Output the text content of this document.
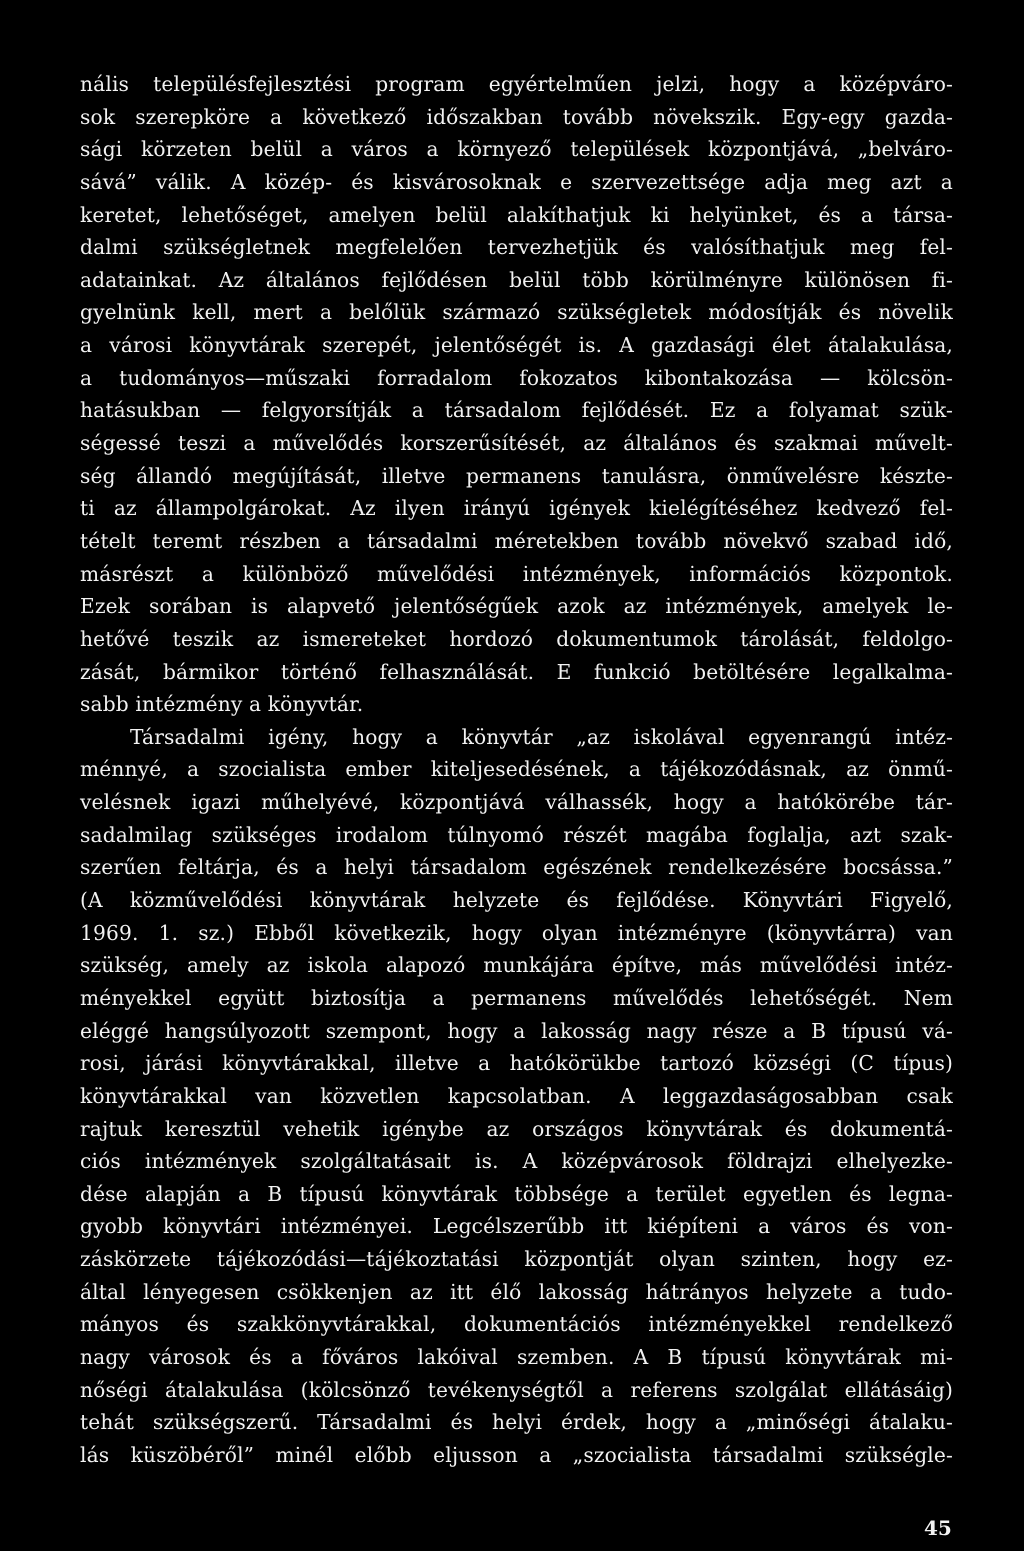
nális településfejlesztési program egyértelműen jelzi, hogy a középváro-
sok szerepköre a következő időszakban tovább növekszik. Egy-egy gazda-
sági körzeten belül a város a környező települések központjává, „belváro-
sává” válik. A közép- és kisvárosoknak e szervezettsége adja meg azt a
keretet, lehetőséget, amelyen belül alakíthatjuk ki helyünket, és a társa-
dalmi szükségletnek megfelelően tervezhetjük és valósíthatjuk meg fel-
adatainkat. Az általános fejlődésen belül több körülményre különösen fi-
gyelnünk kell, mert a belőlük származó szükségletek módosítják és növelik
a városi könyvtárak szerepét, jelentőségét is. A gazdasági élet átalakulása,
a tudományos—műszaki forradalom fokozatos kibontakozása — kölcsön-
hatásukban — felgyorsítják a társadalom fejlődését. Ez a folyamat szük-
ségessé teszi a művelődés korszerűsítését, az általános és szakmai művelt-
ség állandó megújítását, illetve permanens tanulásra, önművelésre készte-
ti az állampolgárokat. Az ilyen irányú igények kielégítéséhez kedvező fel-
tételt teremt részben a társadalmi méretekben tovább növekvő szabad idő,
másrészt a különböző művelődési intézmények, információs központok.
Ezek sorában is alapvető jelentőségűek azok az intézmények, amelyek le-
hetővé teszik az ismereteket hordozó dokumentumok tárolását, feldolgo-
zását, bármikor történő felhasználását. E funkció betöltésére legalkalma-
sabb intézmény a könyvtár.
Társadalmi igény, hogy a könyvtár „az iskolával egyenrangú intéz-
ménnyé, a szocialista ember kiteljesedésének, a tájékozódásnak, az önmű-
velésnek igazi műhelyévé, központjává válhassék, hogy a hatókörébe tár-
sadalmilag szükséges irodalom túlnyomó részét magába foglalja, azt szak-
szerűen feltárja, és a helyi társadalom egészének rendelkezésére bocsássa.”
(A közművelődési könyvtárak helyzete és fejlődése. Könyvtári Figyelő,
1969. 1. sz.) Ebből következik, hogy olyan intézményre (könyvtárra) van
szükség, amely az iskola alapozó munkájára építve, más művelődési intéz-
ményekkel együtt biztosítja a permanens művelődés lehetőségét. Nem
eléggé hangsúlyozott szempont, hogy a lakosság nagy része a B típusú vá-
rosi, járási könyvtárakkal, illetve a hatókörükbe tartozó községi (C típus)
könyvtárakkal van közvetlen kapcsolatban. A leggazdaságosabban csak
rajtuk keresztül vehetik igénybe az országos könyvtárak és dokumentá-
ciós intézmények szolgáltatásait is. A középvárosok földrajzi elhelyezke-
dése alapján a B típusú könyvtárak többsége a terület egyetlen és legna-
gyobb könyvtári intézményei. Legcélszerűbb itt kiépíteni a város és von-
záskörzete tájékozódási—tájékoztatási központját olyan szinten, hogy ez-
által lényegesen csökkenjen az itt élő lakosság hátrányos helyzete a tudo-
mányos és szakkönyvtárakkal, dokumentációs intézményekkel rendelkező
nagy városok és a főváros lakóival szemben. A B típusú könyvtárak mi-
nőségi átalakulása (kölcsönző tevékenységtől a referens szolgálat ellátásáig)
tehát szükségszerű. Társadalmi és helyi érdek, hogy a „minőségi átalaku-
lás küszöbéről” minél előbb eljusson a „szocialista társadalmi szükségle-
45
